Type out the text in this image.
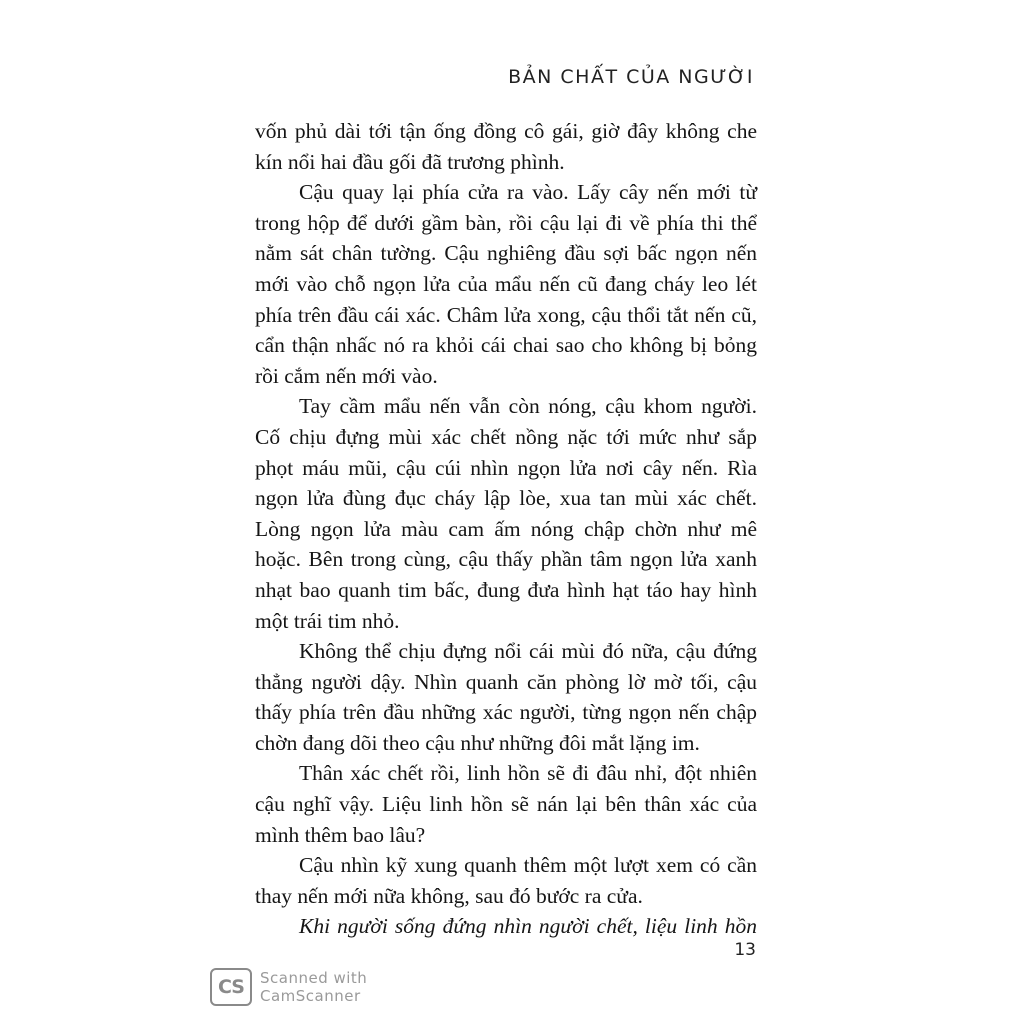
BẢN CHẤT CỦA NGƯỜI

vốn phủ dài tới tận ống đồng cô gái, giờ đây không che kín nổi hai đầu gối đã trương phình.

Cậu quay lại phía cửa ra vào. Lấy cây nến mới từ trong hộp để dưới gầm bàn, rồi cậu lại đi về phía thi thể nằm sát chân tường. Cậu nghiêng đầu sợi bấc ngọn nến mới vào chỗ ngọn lửa của mẩu nến cũ đang cháy leo lét phía trên đầu cái xác. Châm lửa xong, cậu thổi tắt nến cũ, cẩn thận nhấc nó ra khỏi cái chai sao cho không bị bỏng rồi cắm nến mới vào.

Tay cầm mẩu nến vẫn còn nóng, cậu khom người. Cố chịu đựng mùi xác chết nồng nặc tới mức như sắp phọt máu mũi, cậu cúi nhìn ngọn lửa nơi cây nến. Rìa ngọn lửa đùng đục cháy lập lòe, xua tan mùi xác chết. Lòng ngọn lửa màu cam ấm nóng chập chờn như mê hoặc. Bên trong cùng, cậu thấy phần tâm ngọn lửa xanh nhạt bao quanh tim bấc, đung đưa hình hạt táo hay hình một trái tim nhỏ.

Không thể chịu đựng nổi cái mùi đó nữa, cậu đứng thẳng người dậy. Nhìn quanh căn phòng lờ mờ tối, cậu thấy phía trên đầu những xác người, từng ngọn nến chập chờn đang dõi theo cậu như những đôi mắt lặng im.

Thân xác chết rồi, linh hồn sẽ đi đâu nhỉ, đột nhiên cậu nghĩ vậy. Liệu linh hồn sẽ nán lại bên thân xác của mình thêm bao lâu?

Cậu nhìn kỹ xung quanh thêm một lượt xem có cần thay nến mới nữa không, sau đó bước ra cửa.

Khi người sống đứng nhìn người chết, liệu linh hồn

13
CS	Scanned with
CamScanner
